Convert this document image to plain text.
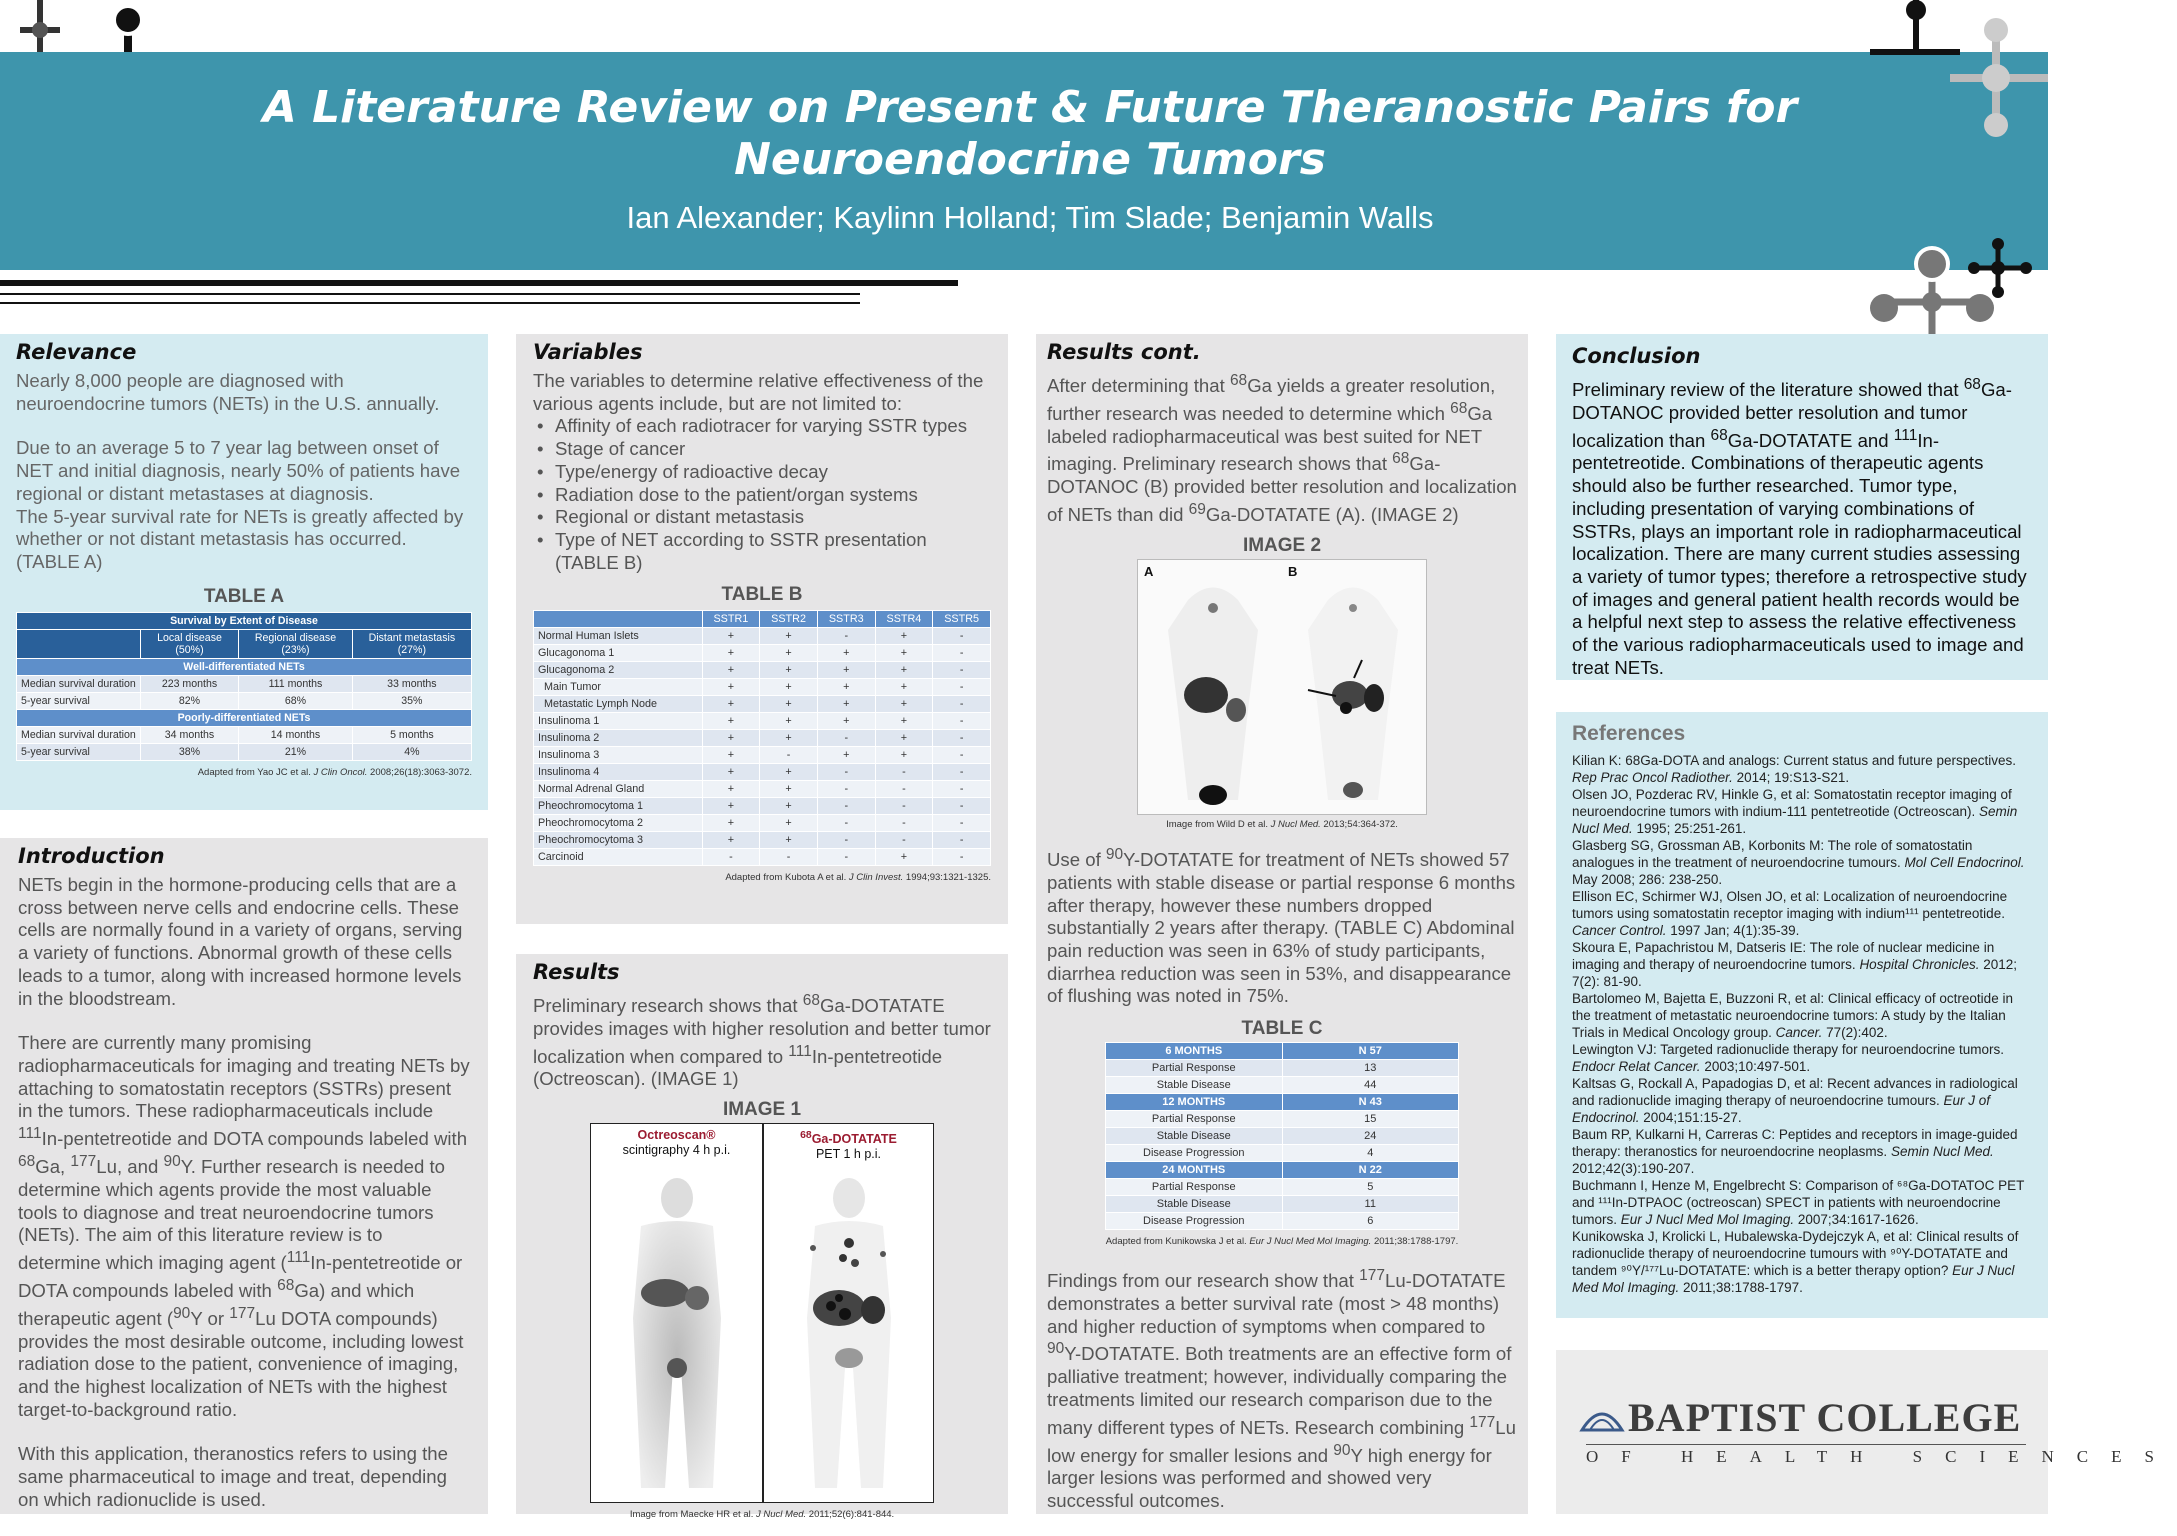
A Literature Review on Present & Future Theranostic Pairs for
Neuroendocrine Tumors
Ian Alexander; Kaylinn Holland; Tim Slade; Benjamin Walls
Relevance

Nearly 8,000 people are diagnosed with neuroendocrine tumors (NETs) in the U.S. annually.

Due to an average 5 to 7 year lag between onset of NET and initial diagnosis, nearly 50% of patients have regional or distant metastases at diagnosis.

The 5-year survival rate for NETs is greatly affected by whether or not distant metastasis has occurred. (TABLE A)

TABLE A
Survival by Extent of Disease			
	Local disease (50%)	Regional disease (23%)	Distant metastasis (27%)
Well-differentiated NETs			
Median survival duration	223 months	111 months	33 months
5-year survival	82%	68%	35%
Poorly-differentiated NETs			
Median survival duration	34 months	14 months	5 months
5-year survival	38%	21%	4%
Adapted from Yao JC et al. J Clin Oncol. 2008;26(18):3063-3072.
Introduction

NETs begin in the hormone-producing cells that are a cross between nerve cells and endocrine cells. These cells are normally found in a variety of organs, serving a variety of functions. Abnormal growth of these cells leads to a tumor, along with increased hormone levels in the bloodstream.

There are currently many promising radiopharmaceuticals for imaging and treating NETs by attaching to somatostatin receptors (SSTRs) present in the tumors. These radiopharmaceuticals include $^{111}$In-pentetreotide and DOTA compounds labeled with $^{68}$Ga, $^{177}$Lu, and $^{90}$Y. Further research is needed to determine which agents provide the most valuable tools to diagnose and treat neuroendocrine tumors (NETs). The aim of this literature review is to determine which imaging agent ($^{111}$In-pentetreotide or DOTA compounds labeled with $^{68}$Ga) and which therapeutic agent ($^{90}$Y or $^{177}$Lu DOTA compounds) provides the most desirable outcome, including lowest radiation dose to the patient, convenience of imaging, and the highest localization of NETs with the highest target-to-background ratio.

With this application, theranostics refers to using the same pharmaceutical to image and treat, depending on which radionuclide is used.

Variables
The variables to determine relative effectiveness of the various agents include, but are not limited to:
• Affinity of each radiotracer for varying SSTR types
• Stage of cancer
• Type/energy of radioactive decay
• Radiation dose to the patient/organ systems
• Regional or distant metastasis
• Type of NET according to SSTR presentation (TABLE B)
TABLE B
	SSTR1	SSTR2	SSTR3	SSTR4	SSTR5
Normal Human Islets	+	+	-	+	-
Glucagonoma 1	+	+	+	+	-
Glucagonoma 2	+	+	+	+	-
Main Tumor	+	+	+	+	-
Metastatic Lymph Node	+	+	+	+	-
Insulinoma 1	+	+	+	+	-
Insulinoma 2	+	+	-	+	-
Insulinoma 3	+	-	+	+	-
Insulinoma 4	+	+	-	-	-
Normal Adrenal Gland	+	+	-	-	-
Pheochromocytoma 1	+	+	-	-	-
Pheochromocytoma 2	+	+	-	-	-
Pheochromocytoma 3	+	+	-	-	-
Carcinoid	-	-	-	+	-
Adapted from Kubota A et al. J Clin Invest. 1994;93:1321-1325.
Results
Preliminary research shows that $^{68}$Ga-DOTATATE provides images with higher resolution and better tumor localization when compared to $^{111}$In-pentetreotide (Octreoscan). (IMAGE 1)
IMAGE 1
Octreoscan®
scintigraphy 4 h p.i.
$^{68}$Ga-DOTATATE
PET 1 h p.i.
Image from Maecke HR et al. J Nucl Med. 2011;52(6):841-844.
Results cont.
After determining that $^{68}$Ga yields a greater resolution, further research was needed to determine which $^{68}$Ga labeled radiopharmaceutical was best suited for NET imaging. Preliminary research shows that $^{68}$Ga-DOTANOC (B) provided better resolution and localization of NETs than did $^{69}$Ga-DOTATATE (A). (IMAGE 2)
IMAGE 2
A	B
Image from Wild D et al. J Nucl Med. 2013;54:364-372.
Use of $^{90}$Y-DOTATATE for treatment of NETs showed 57 patients with stable disease or partial response 6 months after therapy, however these numbers dropped substantially 2 years after therapy. (TABLE C) Abdominal pain reduction was seen in 63% of study participants, diarrhea reduction was seen in 53%, and disappearance of flushing was noted in 75%.
TABLE C
6 MONTHS	N 57
Partial Response	13
Stable Disease	44
12 MONTHS	N 43
Partial Response	15
Stable Disease	24
Disease Progression	4
24 MONTHS	N 22
Partial Response	5
Stable Disease	11
Disease Progression	6
Adapted from Kunikowska J et al. Eur J Nucl Med Mol Imaging. 2011;38:1788-1797.
Findings from our research show that $^{177}$Lu-DOTATATE demonstrates a better survival rate (most > 48 months) and higher reduction of symptoms when compared to $^{90}$Y-DOTATATE. Both treatments are an effective form of palliative treatment; however, individually comparing the treatments limited our research comparison due to the many different types of NETs. Research combining $^{177}$Lu low energy for smaller lesions and $^{90}$Y high energy for larger lesions was performed and showed very successful outcomes.
Conclusion
Preliminary review of the literature showed that $^{68}$Ga-DOTANOC provided better resolution and tumor localization than $^{68}$Ga-DOTATATE and $^{111}$In-pentetreotide. Combinations of therapeutic agents should also be further researched. Tumor type, including presentation of varying combinations of SSTRs, plays an important role in radiopharmaceutical localization. There are many current studies assessing a variety of tumor types; therefore a retrospective study of images and general patient health records would be a helpful next step to assess the relative effectiveness of the various radiopharmaceuticals used to image and treat NETs.
References

Kilian K: 68Ga-DOTA and analogs: Current status and future perspectives. Rep Prac Oncol Radiother. 2014; 19:S13-S21.

Olsen JO, Pozderac RV, Hinkle G, et al: Somatostatin receptor imaging of neuroendocrine tumors with indium-111 pentetreotide (Octreoscan). Semin Nucl Med. 1995; 25:251-261.

Glasberg SG, Grossman AB, Korbonits M: The role of somatostatin analogues in the treatment of neuroendocrine tumours. Mol Cell Endocrinol. May 2008; 286: 238-250.

Ellison EC, Schirmer WJ, Olsen JO, et al: Localization of neuroendocrine tumors using somatostatin receptor imaging with indium¹¹¹ pentetreotide. Cancer Control. 1997 Jan; 4(1):35-39.

Skoura E, Papachristou M, Datseris IE: The role of nuclear medicine in imaging and therapy of neuroendocrine tumors. Hospital Chronicles. 2012; 7(2): 81-90.

Bartolomeo M, Bajetta E, Buzzoni R, et al: Clinical efficacy of octreotide in the treatment of metastatic neuroendocrine tumors: A study by the Italian Trials in Medical Oncology group. Cancer. 77(2):402.

Lewington VJ: Targeted radionuclide therapy for neuroendocrine tumors. Endocr Relat Cancer. 2003;10:497-501.

Kaltsas G, Rockall A, Papadogias D, et al: Recent advances in radiological and radionuclide imaging therapy of neuroendocrine tumours. Eur J of Endocrinol. 2004;151:15-27.

Baum RP, Kulkarni H, Carreras C: Peptides and receptors in image-guided therapy: theranostics for neuroendocrine neoplasms. Semin Nucl Med. 2012;42(3):190-207.

Buchmann I, Henze M, Engelbrecht S: Comparison of ⁶⁸Ga-DOTATOC PET and ¹¹¹In-DTPAOC (octreoscan) SPECT in patients with neuroendocrine tumors. Eur J Nucl Med Mol Imaging. 2007;34:1617-1626.

Kunikowska J, Krolicki L, Hubalewska-Dydejczyk A, et al: Clinical results of radionuclide therapy of neuroendocrine tumours with ⁹⁰Y-DOTATATE and tandem ⁹⁰Y/¹⁷⁷Lu-DOTATATE: which is a better therapy option? Eur J Nucl Med Mol Imaging. 2011;38:1788-1797.

BAPTIST COLLEGE
OF HEALTH SCIENCES
